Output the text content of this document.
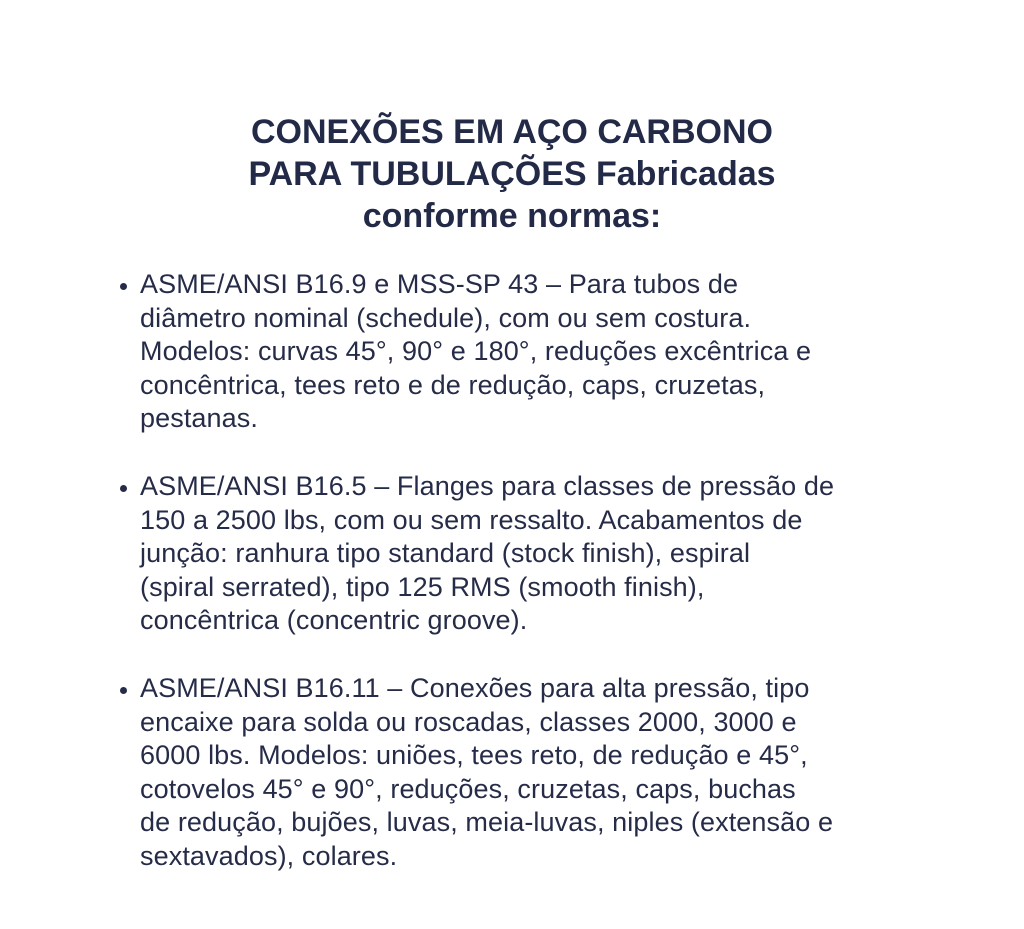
CONEXÕES EM AÇO CARBONO
PARA TUBULAÇÕES Fabricadas
conforme normas:
ASME/ANSI B16.9 e MSS-SP 43 – Para tubos de
diâmetro nominal (schedule), com ou sem costura.
Modelos: curvas 45°, 90° e 180°, reduções excêntrica e
concêntrica, tees reto e de redução, caps, cruzetas,
pestanas.
ASME/ANSI B16.5 – Flanges para classes de pressão de
150 a 2500 lbs, com ou sem ressalto. Acabamentos de
junção: ranhura tipo standard (stock finish), espiral
(spiral serrated), tipo 125 RMS (smooth finish),
concêntrica (concentric groove).
ASME/ANSI B16.11 – Conexões para alta pressão, tipo
encaixe para solda ou roscadas, classes 2000, 3000 e
6000 lbs. Modelos: uniões, tees reto, de redução e 45°,
cotovelos 45° e 90°, reduções, cruzetas, caps, buchas
de redução, bujões, luvas, meia-luvas, niples (extensão e
sextavados), colares.
